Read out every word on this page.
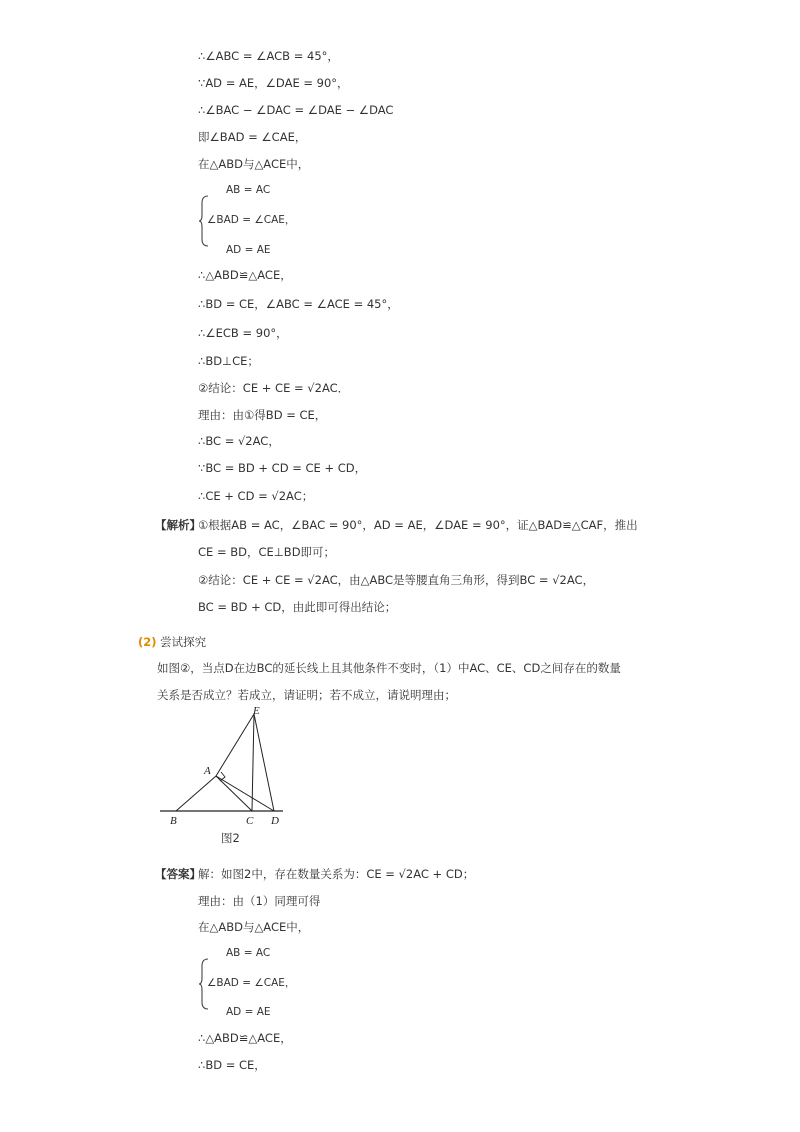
∴∠ABC = ∠ACB = 45°，
∵AD = AE，∠DAE = 90°，
∴∠BAC − ∠DAC = ∠DAE − ∠DAC
即∠BAD = ∠CAE，
在△ABD与△ACE中，
AB = AC
∠BAD = ∠CAE，
AD = AE
∴△ABD≌△ACE，
∴BD = CE，∠ABC = ∠ACE = 45°，
∴∠ECB = 90°，
∴BD⊥CE；
②结论：CE + CE = √2AC．
理由：由①得BD = CE，
∴BC = √2AC，
∵BC = BD + CD = CE + CD，
∴CE + CD = √2AC；
【解析】
①根据AB = AC，∠BAC = 90°，AD = AE，∠DAE = 90°，证△BAD≌△CAF，推出
CE = BD，CE⊥BD即可；
②结论：CE + CE = √2AC，由△ABC是等腰直角三角形，得到BC = √2AC，
BC = BD + CD，由此即可得出结论；
(2) 尝试探究
如图②，当点D在边BC的延长线上且其他条件不变时，（1）中AC、CE、CD之间存在的数量
关系是否成立？若成立，请证明；若不成立，请说明理由；
E
A
B	C D
图2
【答案】
解：如图2中，存在数量关系为：CE = √2AC + CD；
理由：由（1）同理可得
在△ABD与△ACE中，
AB = AC
∠BAD = ∠CAE，
AD = AE
∴△ABD≌△ACE，
∴BD = CE，
